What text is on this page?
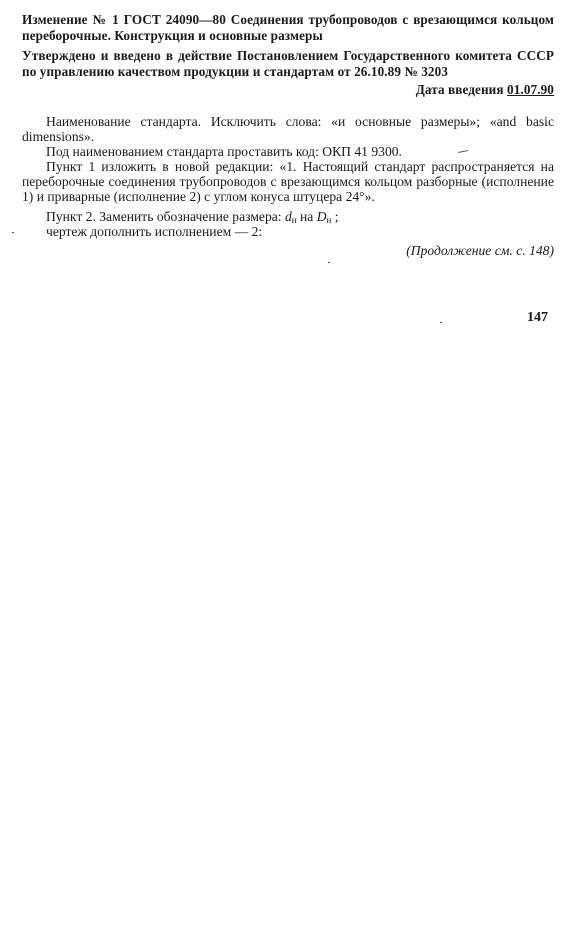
Изменение № 1 ГОСТ 24090—80 Соединения трубопроводов с врезающимся кольцом переборочные. Конструкция и основные размеры
Утверждено и введено в действие Постановлением Государственного комитета СССР по управлению качеством продукции и стандартам от 26.10.89 № 3203
Дата введения 01.07.90
Наименование стандарта. Исключить слова: «и основные размеры»; «and basic dimensions».
Под наименованием стандарта проставить код: ОКП 41 9300.
Пункт 1 изложить в новой редакции: «1. Настоящий стандарт распространяется на переборочные соединения трубопроводов с врезающимся кольцом разборные (исполнение 1) и приварные (исполнение 2) с углом конуса штуцера 24°».
Пункт 2. Заменить обозначение размера: $d_н$ на $D_н$ ;
чертеж дополнить исполнением — 2:
(Продолжение см. с. 148)
147
